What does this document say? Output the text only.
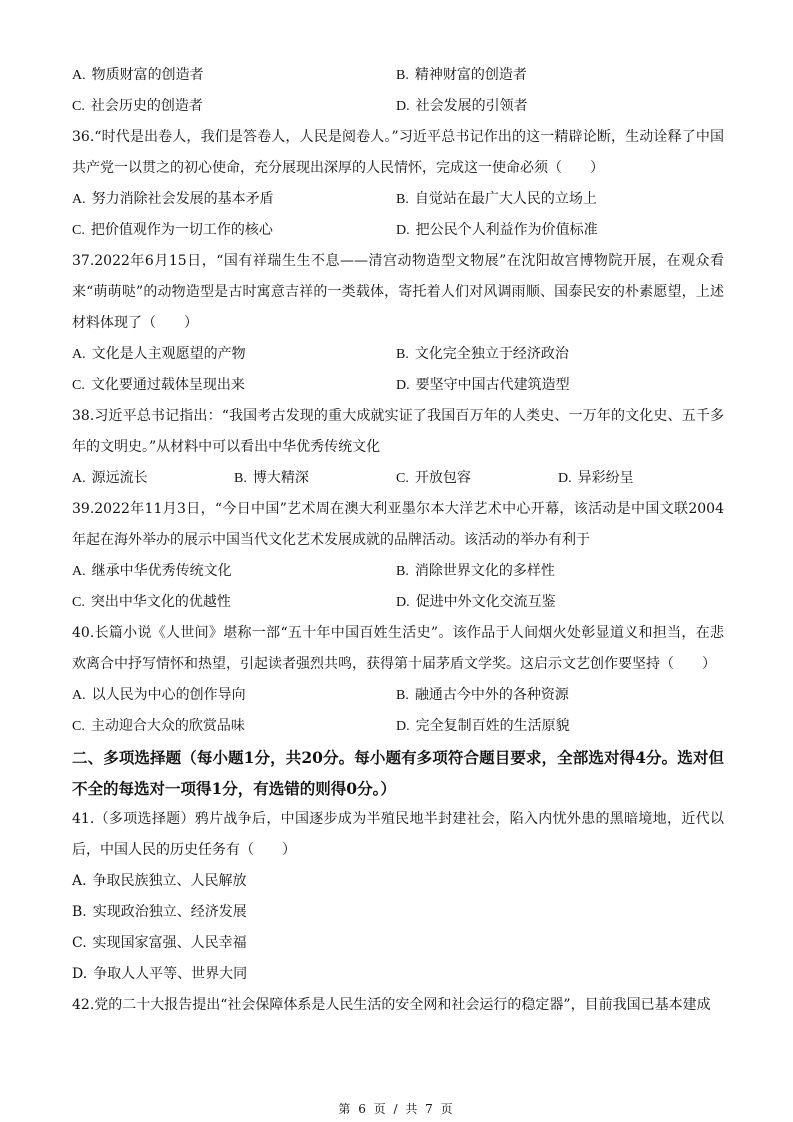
A. 物质财富的创造者	B. 精神财富的创造者
C. 社会历史的创造者	D. 社会发展的引领者
36.“时代是出卷人，我们是答卷人，人民是阅卷人。”习近平总书记作出的这一精辟论断，生动诠释了中国共产党一以贯之的初心使命，充分展现出深厚的人民情怀，完成这一使命必须（　　）
A. 努力消除社会发展的基本矛盾	B. 自觉站在最广大人民的立场上
C. 把价值观作为一切工作的核心	D. 把公民个人利益作为价值标准
37.2022年6月15日，“国有祥瑞生生不息——清宫动物造型文物展”在沈阳故宫博物院开展，在观众看来“萌萌哒”的动物造型是古时寓意吉祥的一类载体，寄托着人们对风调雨顺、国泰民安的朴素愿望，上述材料体现了（　　）
A. 文化是人主观愿望的产物	B. 文化完全独立于经济政治
C. 文化要通过载体呈现出来	D. 要坚守中国古代建筑造型
38.习近平总书记指出：“我国考古发现的重大成就实证了我国百万年的人类史、一万年的文化史、五千多年的文明史。”从材料中可以看出中华优秀传统文化
A. 源远流长	B. 博大精深	C. 开放包容	D. 异彩纷呈
39.2022年11月3日，“今日中国”艺术周在澳大利亚墨尔本大洋艺术中心开幕，该活动是中国文联2004年起在海外举办的展示中国当代文化艺术发展成就的品牌活动。该活动的举办有利于
A. 继承中华优秀传统文化	B. 消除世界文化的多样性
C. 突出中华文化的优越性	D. 促进中外文化交流互鉴
40.长篇小说《人世间》堪称一部“五十年中国百姓生活史”。该作品于人间烟火处彰显道义和担当，在悲欢离合中抒写情怀和热望，引起读者强烈共鸣，获得第十届茅盾文学奖。这启示文艺创作要坚持（　　）
A. 以人民为中心的创作导向	B. 融通古今中外的各种资源
C. 主动迎合大众的欣赏品味	D. 完全复制百姓的生活原貌
二、多项选择题（每小题1分，共20分。每小题有多项符合题目要求，全部选对得4分。选对但不全的每选对一项得1分，有选错的则得0分。）
41.（多项选择题）鸦片战争后，中国逐步成为半殖民地半封建社会，陷入内忧外患的黑暗境地，近代以后，中国人民的历史任务有（　　）
A. 争取民族独立、人民解放
B. 实现政治独立、经济发展
C. 实现国家富强、人民幸福
D. 争取人人平等、世界大同
42.党的二十大报告提出“社会保障体系是人民生活的安全网和社会运行的稳定器”，目前我国已基本建成
第 6 页 / 共 7 页
